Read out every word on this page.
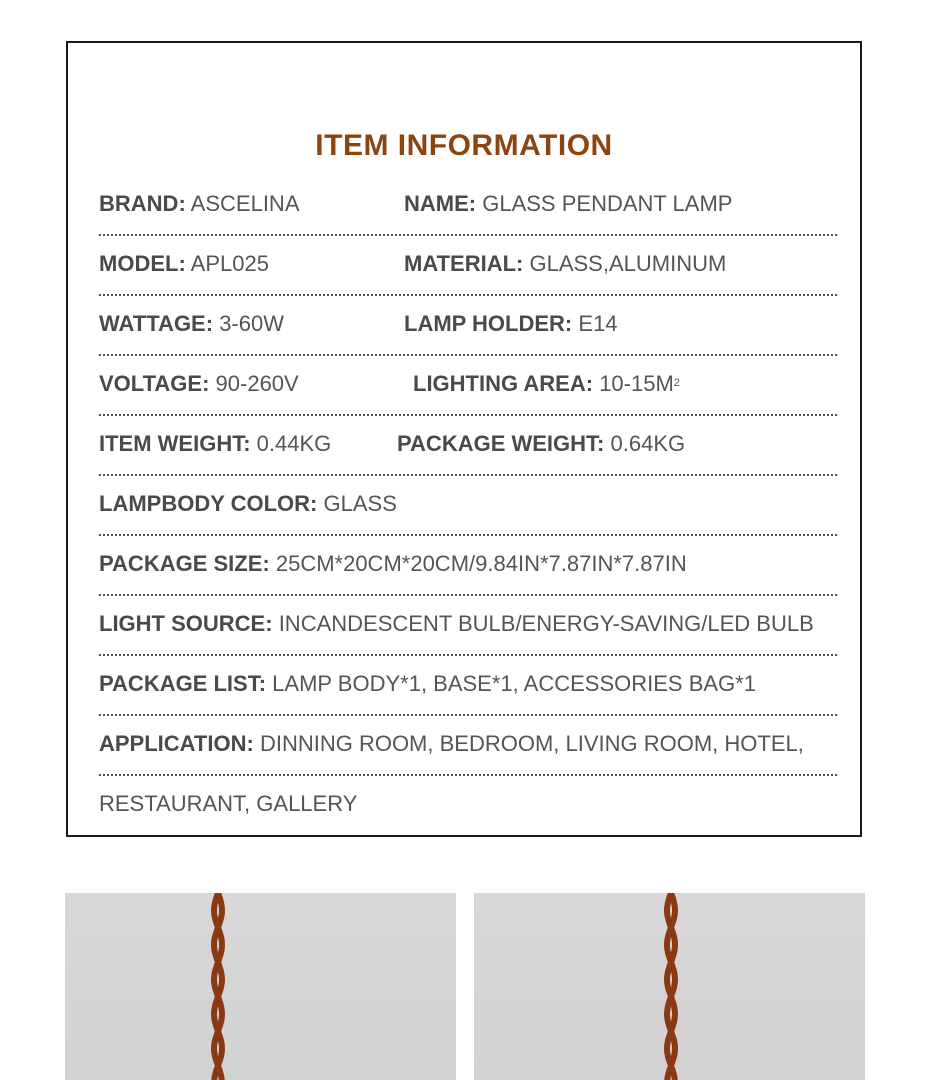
ITEM INFORMATION
BRAND: ASCELINA	NAME: GLASS PENDANT LAMP
MODEL: APL025	MATERIAL: GLASS,ALUMINUM
WATTAGE: 3-60W	LAMP HOLDER: E14
VOLTAGE: 90-260V	LIGHTING AREA: $10-15M^2$
ITEM WEIGHT: 0.44KG	PACKAGE WEIGHT: 0.64KG
LAMPBODY COLOR: GLASS
PACKAGE SIZE: 25CM*20CM*20CM/9.84IN*7.87IN*7.87IN
LIGHT SOURCE: INCANDESCENT BULB/ENERGY-SAVING/LED BULB
PACKAGE LIST: LAMP BODY*1, BASE*1, ACCESSORIES BAG*1
APPLICATION: DINNING ROOM, BEDROOM, LIVING ROOM, HOTEL,
RESTAURANT, GALLERY
